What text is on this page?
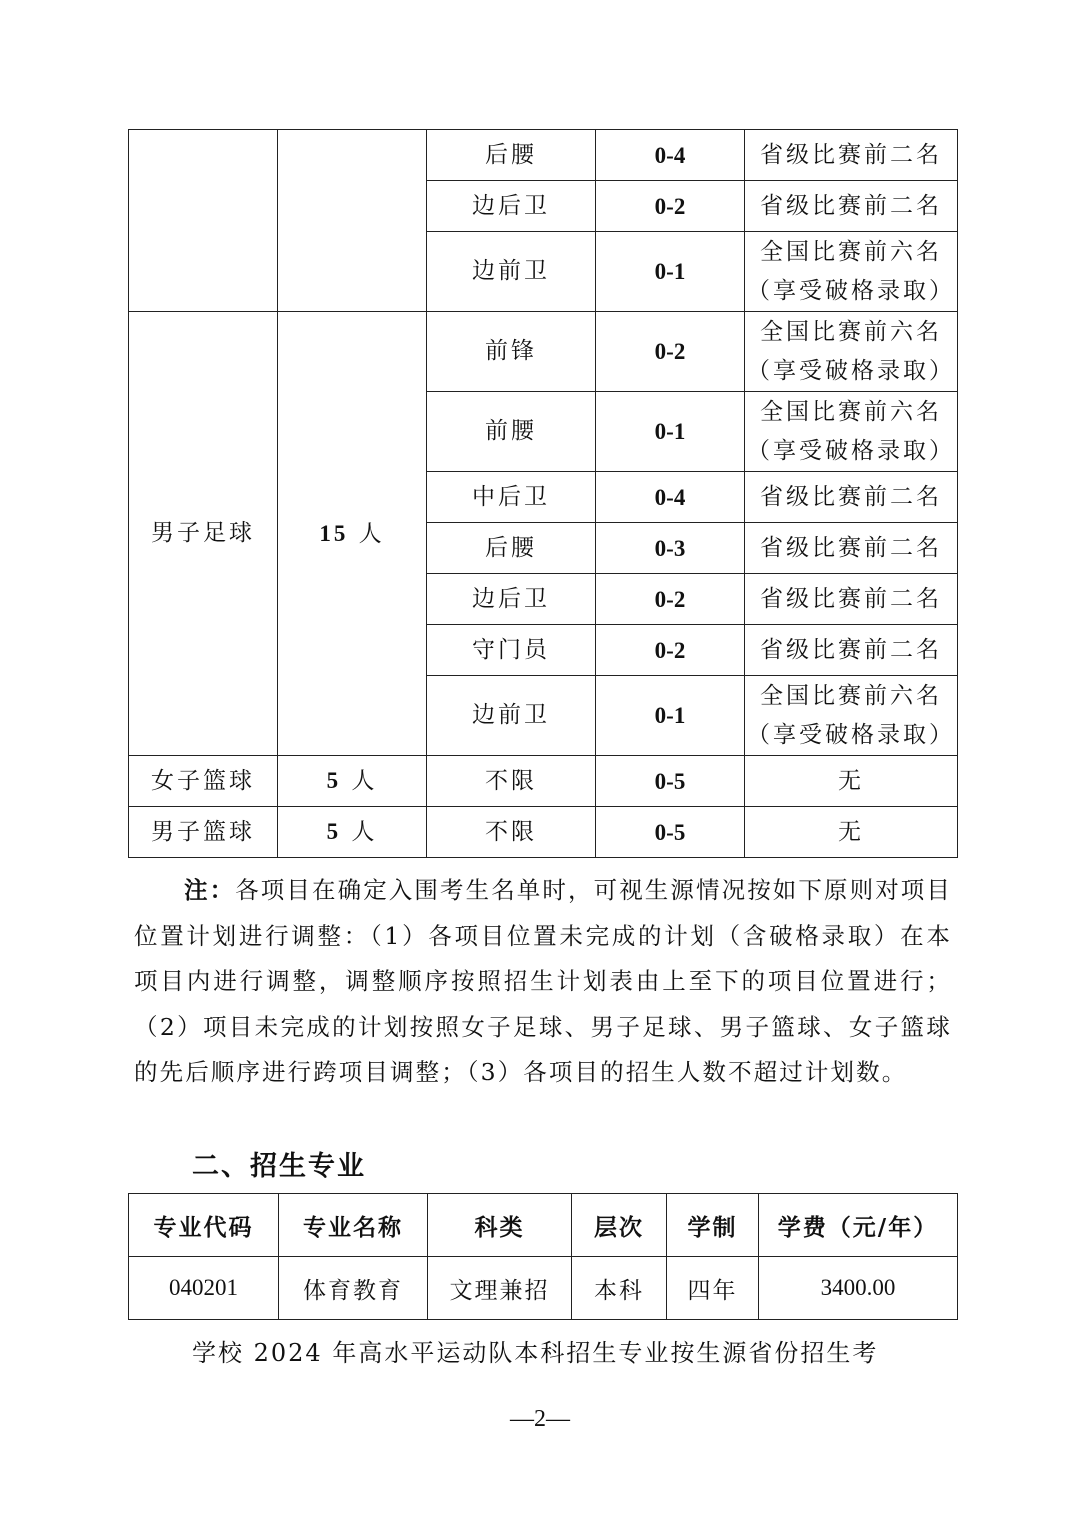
		后腰	0-4	省级比赛前二名
		边后卫	0-2	省级比赛前二名
		边前卫	0-1	全国比赛前六名（享受破格录取）
男子足球	15 人	前锋	0-2	全国比赛前六名（享受破格录取）
		前腰	0-1	全国比赛前六名（享受破格录取）
		中后卫	0-4	省级比赛前二名
		后腰	0-3	省级比赛前二名
		边后卫	0-2	省级比赛前二名
		守门员	0-2	省级比赛前二名
		边前卫	0-1	全国比赛前六名（享受破格录取）
女子篮球	5 人	不限	0-5	无
男子篮球	5 人	不限	0-5	无

注：各项目在确定入围考生名单时，可视生源情况按如下原则对项目位置计划进行调整：（1）各项目位置未完成的计划（含破格录取）在本项目内进行调整，调整顺序按照招生计划表由上至下的项目位置进行；（2）项目未完成的计划按照女子足球、男子足球、男子篮球、女子篮球的先后顺序进行跨项目调整；（3）各项目的招生人数不超过计划数。

二、招生专业
专业代码	专业名称	科类	层次	学制	学费（元/年）
040201	体育教育	文理兼招	本科	四年	3400.00

学校 2024 年高水平运动队本科招生专业按生源省份招生考

—2—
